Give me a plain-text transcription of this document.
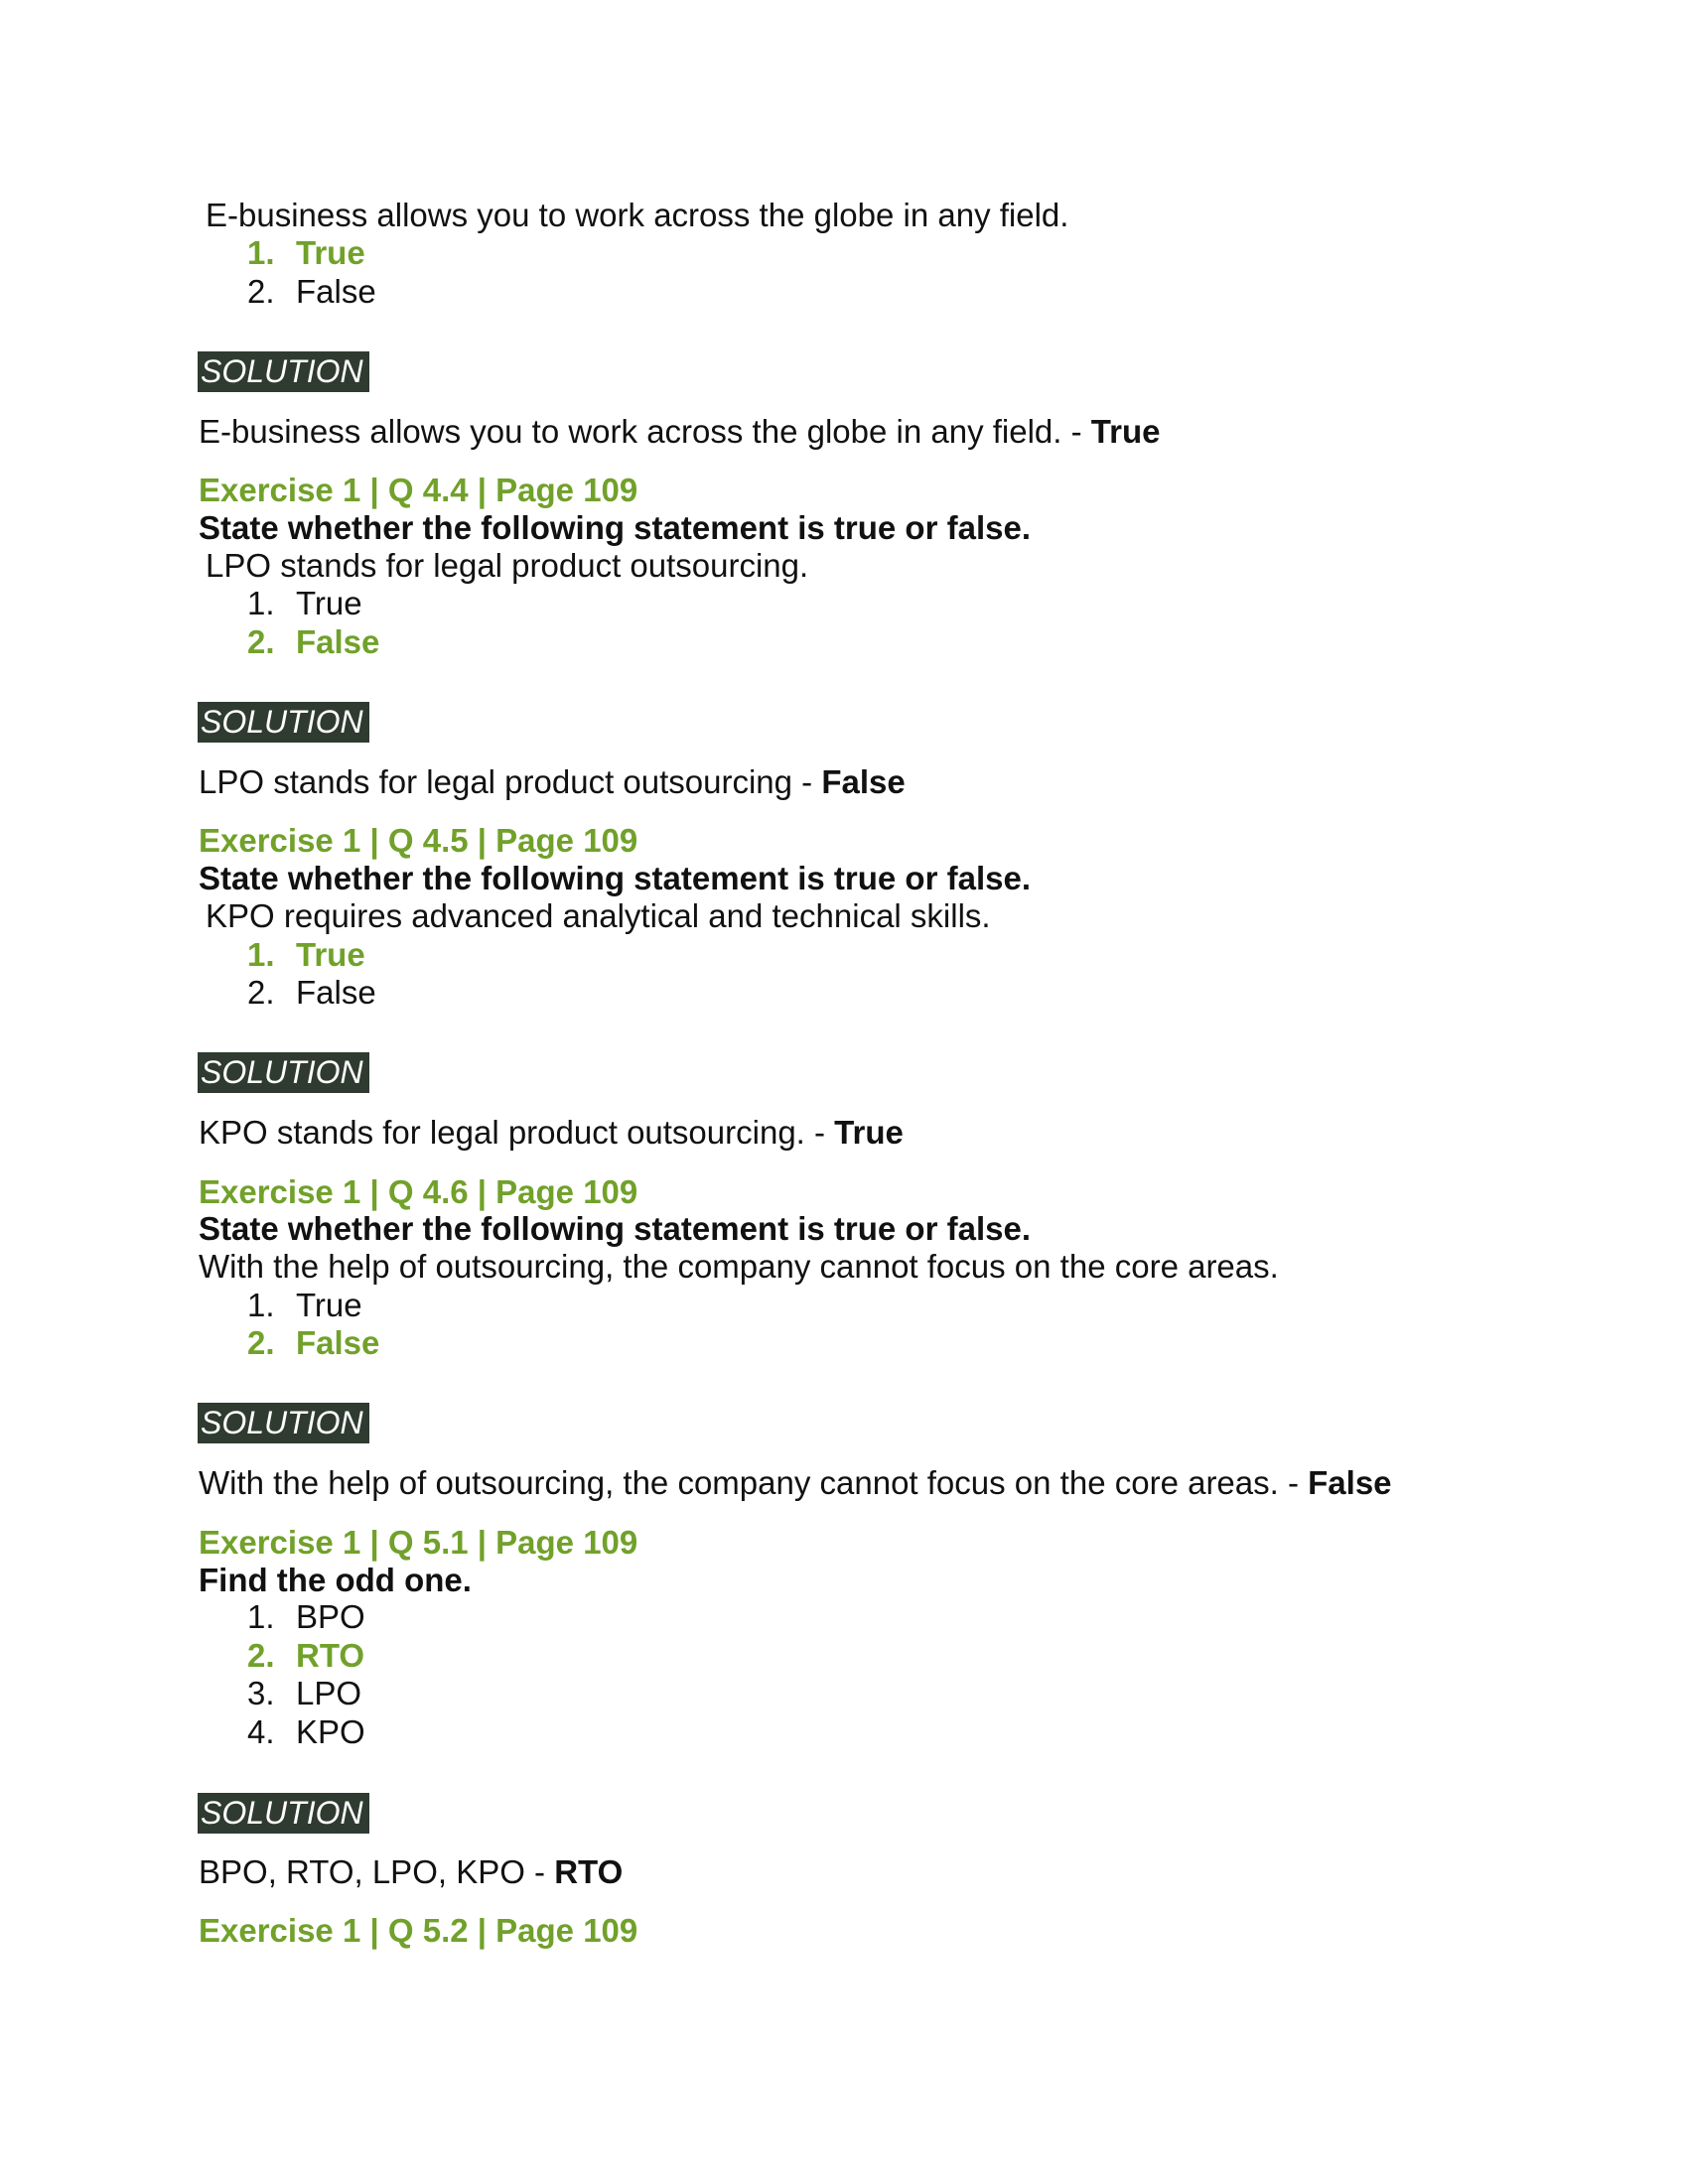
E-business allows you to work across the globe in any field.
1. True
2. False
SOLUTION
E-business allows you to work across the globe in any field. - True
Exercise 1 | Q 4.4 | Page 109
State whether the following statement is true or false.
LPO stands for legal product outsourcing.
1. True
2. False
SOLUTION
LPO stands for legal product outsourcing - False
Exercise 1 | Q 4.5 | Page 109
State whether the following statement is true or false.
KPO requires advanced analytical and technical skills.
1. True
2. False
SOLUTION
KPO stands for legal product outsourcing. - True
Exercise 1 | Q 4.6 | Page 109
State whether the following statement is true or false.
With the help of outsourcing, the company cannot focus on the core areas.
1. True
2. False
SOLUTION
With the help of outsourcing, the company cannot focus on the core areas. - False
Exercise 1 | Q 5.1 | Page 109
Find the odd one.
1. BPO
2. RTO
3. LPO
4. KPO
SOLUTION
BPO, RTO, LPO, KPO - RTO
Exercise 1 | Q 5.2 | Page 109
